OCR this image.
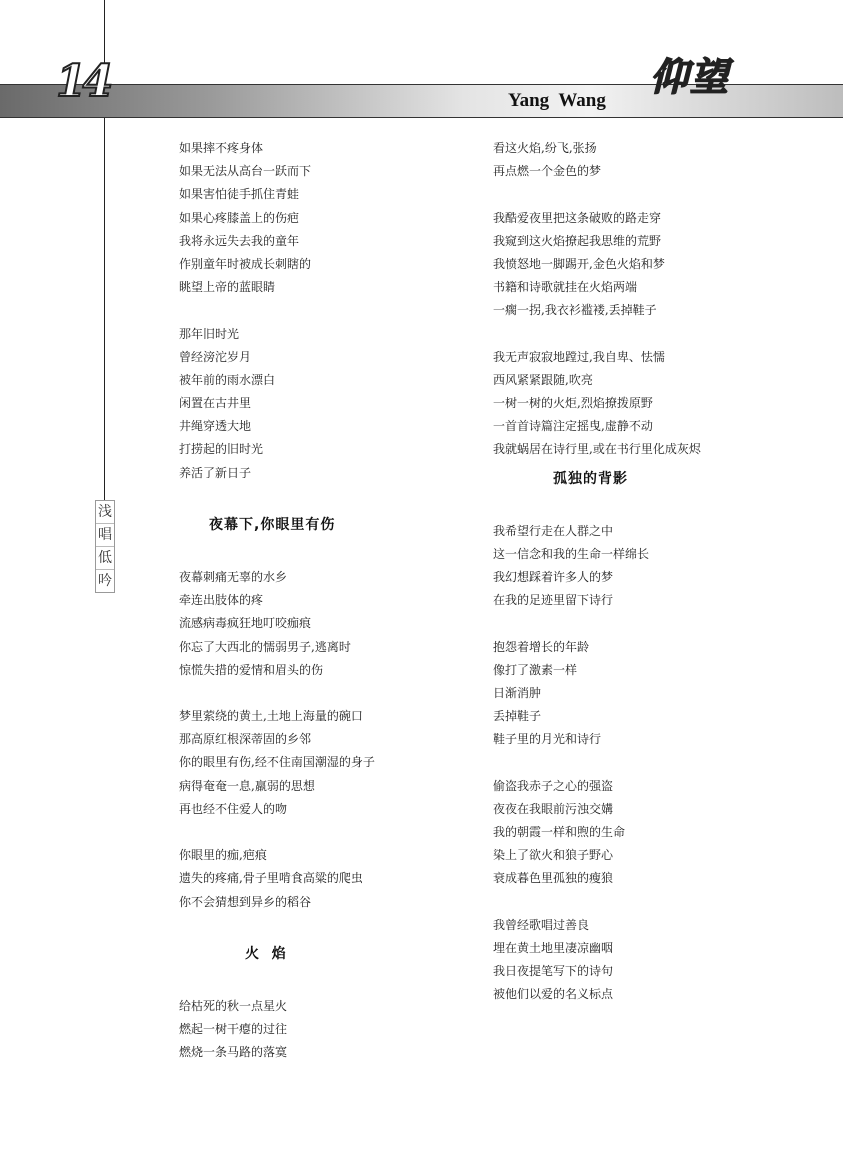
14	仰望
Yang  Wang
浅
唱
低
吟
如果摔不疼身体
如果无法从高台一跃而下
如果害怕徒手抓住青蛙
如果心疼膝盖上的伤疤
我将永远失去我的童年
作别童年时被成长刺瞎的
眺望上帝的蓝眼睛
那年旧时光
曾经滂沱岁月
被年前的雨水漂白
闲置在古井里
井绳穿透大地
打捞起的旧时光
养活了新日子
夜幕下,你眼里有伤
夜幕刺痛无辜的水乡
牵连出肢体的疼
流感病毒疯狂地叮咬痂痕
你忘了大西北的懦弱男子,逃离时
惊慌失措的爱情和眉头的伤
梦里萦绕的黄土,土地上海量的碗口
那高原红根深蒂固的乡邻
你的眼里有伤,经不住南国潮湿的身子
病得奄奄一息,羸弱的思想
再也经不住爱人的吻
你眼里的痂,疤痕
遗失的疼痛,骨子里啃食高粱的爬虫
你不会猜想到异乡的稻谷
火  焰
给枯死的秋一点星火
燃起一树干瘪的过往
燃烧一条马路的落寞
看这火焰,纷飞,张扬
再点燃一个金色的梦
我酷爱夜里把这条破败的路走穿
我窥到这火焰撩起我思维的荒野
我愤怒地一脚踢开,金色火焰和梦
书籍和诗歌就挂在火焰两端
一瘸一拐,我衣衫褴褛,丢掉鞋子
我无声寂寂地蹚过,我自卑、怯懦
西风紧紧跟随,吹亮
一树一树的火炬,烈焰撩拨原野
一首首诗篇注定摇曳,虚静不动
我就蜗居在诗行里,或在书行里化成灰烬
孤独的背影
我希望行走在人群之中
这一信念和我的生命一样绵长
我幻想踩着许多人的梦
在我的足迹里留下诗行
抱怨着增长的年龄
像打了激素一样
日渐消肿
丢掉鞋子
鞋子里的月光和诗行
偷盗我赤子之心的强盗
夜夜在我眼前污浊交媾
我的朝霞一样和煦的生命
染上了欲火和狼子野心
衰成暮色里孤独的瘦狼
我曾经歌唱过善良
埋在黄土地里凄凉幽咽
我日夜提笔写下的诗句
被他们以爱的名义标点
